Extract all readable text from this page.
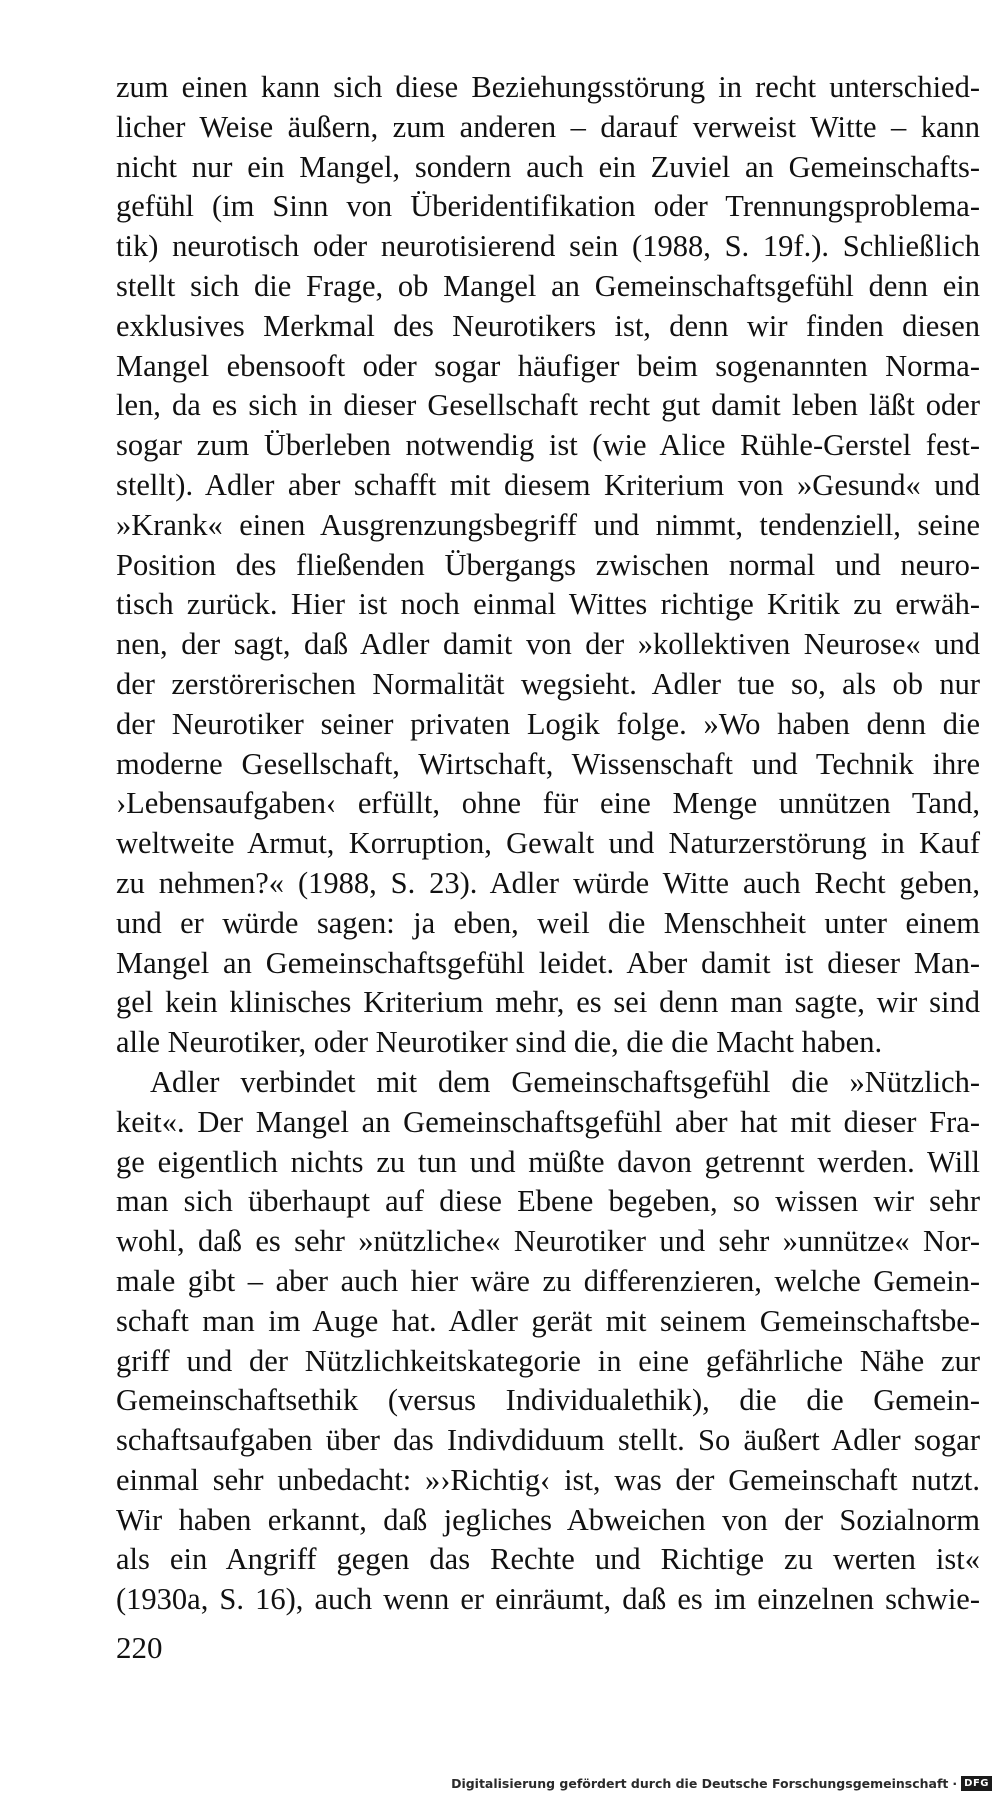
zum einen kann sich diese Beziehungsstörung in recht unterschied-
licher Weise äußern, zum anderen – darauf verweist Witte – kann
nicht nur ein Mangel, sondern auch ein Zuviel an Gemeinschafts-
gefühl (im Sinn von Überidentifikation oder Trennungsproblema-
tik) neurotisch oder neurotisierend sein (1988, S. 19f.). Schließlich
stellt sich die Frage, ob Mangel an Gemeinschaftsgefühl denn ein
exklusives Merkmal des Neurotikers ist, denn wir finden diesen
Mangel ebensooft oder sogar häufiger beim sogenannten Norma-
len, da es sich in dieser Gesellschaft recht gut damit leben läßt oder
sogar zum Überleben notwendig ist (wie Alice Rühle-Gerstel fest-
stellt). Adler aber schafft mit diesem Kriterium von »Gesund« und
»Krank« einen Ausgrenzungsbegriff und nimmt, tendenziell, seine
Position des fließenden Übergangs zwischen normal und neuro-
tisch zurück. Hier ist noch einmal Wittes richtige Kritik zu erwäh-
nen, der sagt, daß Adler damit von der »kollektiven Neurose« und
der zerstörerischen Normalität wegsieht. Adler tue so, als ob nur
der Neurotiker seiner privaten Logik folge. »Wo haben denn die
moderne Gesellschaft, Wirtschaft, Wissenschaft und Technik ihre
›Lebensaufgaben‹ erfüllt, ohne für eine Menge unnützen Tand,
weltweite Armut, Korruption, Gewalt und Naturzerstörung in Kauf
zu nehmen?« (1988, S. 23). Adler würde Witte auch Recht geben,
und er würde sagen: ja eben, weil die Menschheit unter einem
Mangel an Gemeinschaftsgefühl leidet. Aber damit ist dieser Man-
gel kein klinisches Kriterium mehr, es sei denn man sagte, wir sind
alle Neurotiker, oder Neurotiker sind die, die die Macht haben.
Adler verbindet mit dem Gemeinschaftsgefühl die »Nützlich-
keit«. Der Mangel an Gemeinschaftsgefühl aber hat mit dieser Fra-
ge eigentlich nichts zu tun und müßte davon getrennt werden. Will
man sich überhaupt auf diese Ebene begeben, so wissen wir sehr
wohl, daß es sehr »nützliche« Neurotiker und sehr »unnütze« Nor-
male gibt – aber auch hier wäre zu differenzieren, welche Gemein-
schaft man im Auge hat. Adler gerät mit seinem Gemeinschaftsbe-
griff und der Nützlichkeitskategorie in eine gefährliche Nähe zur
Gemeinschaftsethik (versus Individualethik), die die Gemein-
schaftsaufgaben über das Indivdiduum stellt. So äußert Adler sogar
einmal sehr unbedacht: »›Richtig‹ ist, was der Gemeinschaft nutzt.
Wir haben erkannt, daß jegliches Abweichen von der Sozialnorm
als ein Angriff gegen das Rechte und Richtige zu werten ist«
(1930a, S. 16), auch wenn er einräumt, daß es im einzelnen schwie-
220
Digitalisierung gefördert durch die Deutsche Forschungsgemeinschaft · DFG
